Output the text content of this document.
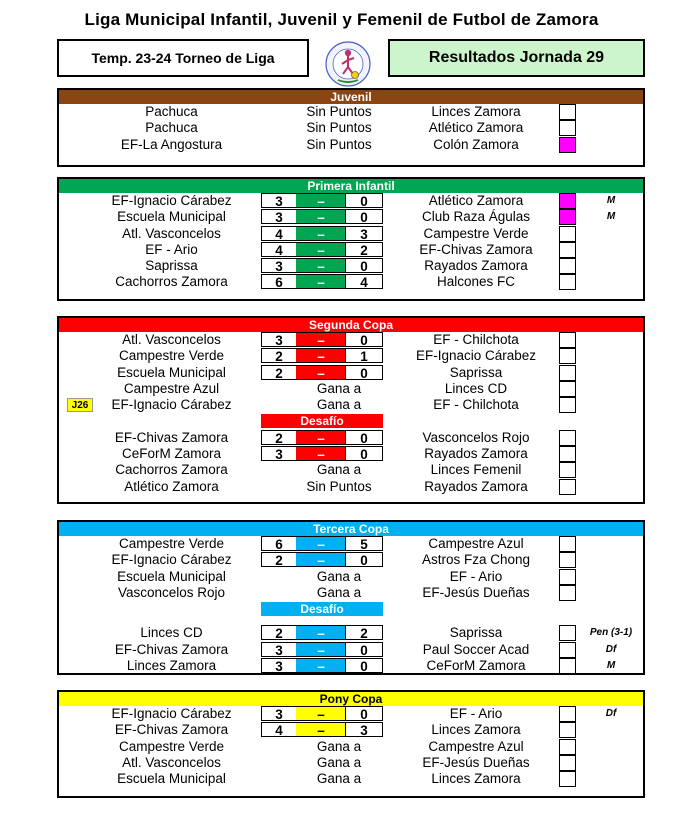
Liga Municipal Infantil, Juvenil y Femenil de Futbol de Zamora
Temp. 23-24 Torneo de Liga	Resultados Jornada 29
Juvenil
Pachuca	Sin Puntos	Linces Zamora
Pachuca	Sin Puntos	Atlético Zamora
EF-La Angostura	Sin Puntos	Colón Zamora
Primera Infantil
EF-Ignacio Cárabez	3	–	0	Atlético Zamora	M
Escuela Municipal	3	–	0	Club Raza Águlas	M
Atl. Vasconcelos	4	–	3	Campestre Verde
EF - Ario	4	–	2	EF-Chivas Zamora
Saprissa	3	–	0	Rayados Zamora
Cachorros Zamora	6	–	4	Halcones FC
Segunda Copa
Atl. Vasconcelos	3	–	0	EF - Chilchota
Campestre Verde	2	–	1	EF-Ignacio Cárabez
Escuela Municipal	2	–	0	Saprissa
Campestre Azul	Gana a	Linces CD
EF-Ignacio Cárabez	Gana a	EF - Chilchota
J26
Desafío
EF-Chivas Zamora	2	–	0	Vasconcelos Rojo
CeForM Zamora	3	–	0	Rayados Zamora
Cachorros Zamora	Gana a	Linces Femenil
Atlético Zamora	Sin Puntos	Rayados Zamora
Tercera Copa
Campestre Verde	6	–	5	Campestre Azul
EF-Ignacio Cárabez	2	–	0	Astros Fza Chong
Escuela Municipal	Gana a	EF - Ario
Vasconcelos Rojo	Gana a	EF-Jesús Dueñas
Desafío
Linces CD	2	–	2	Saprissa	Pen (3-1)
EF-Chivas Zamora	3	–	0	Paul Soccer Acad	Df
Linces Zamora	3	–	0	CeForM Zamora	M
Pony Copa
EF-Ignacio Cárabez	3	–	0	EF - Ario	Df
EF-Chivas Zamora	4	–	3	Linces Zamora
Campestre Verde	Gana a	Campestre Azul
Atl. Vasconcelos	Gana a	EF-Jesús Dueñas
Escuela Municipal	Gana a	Linces Zamora
